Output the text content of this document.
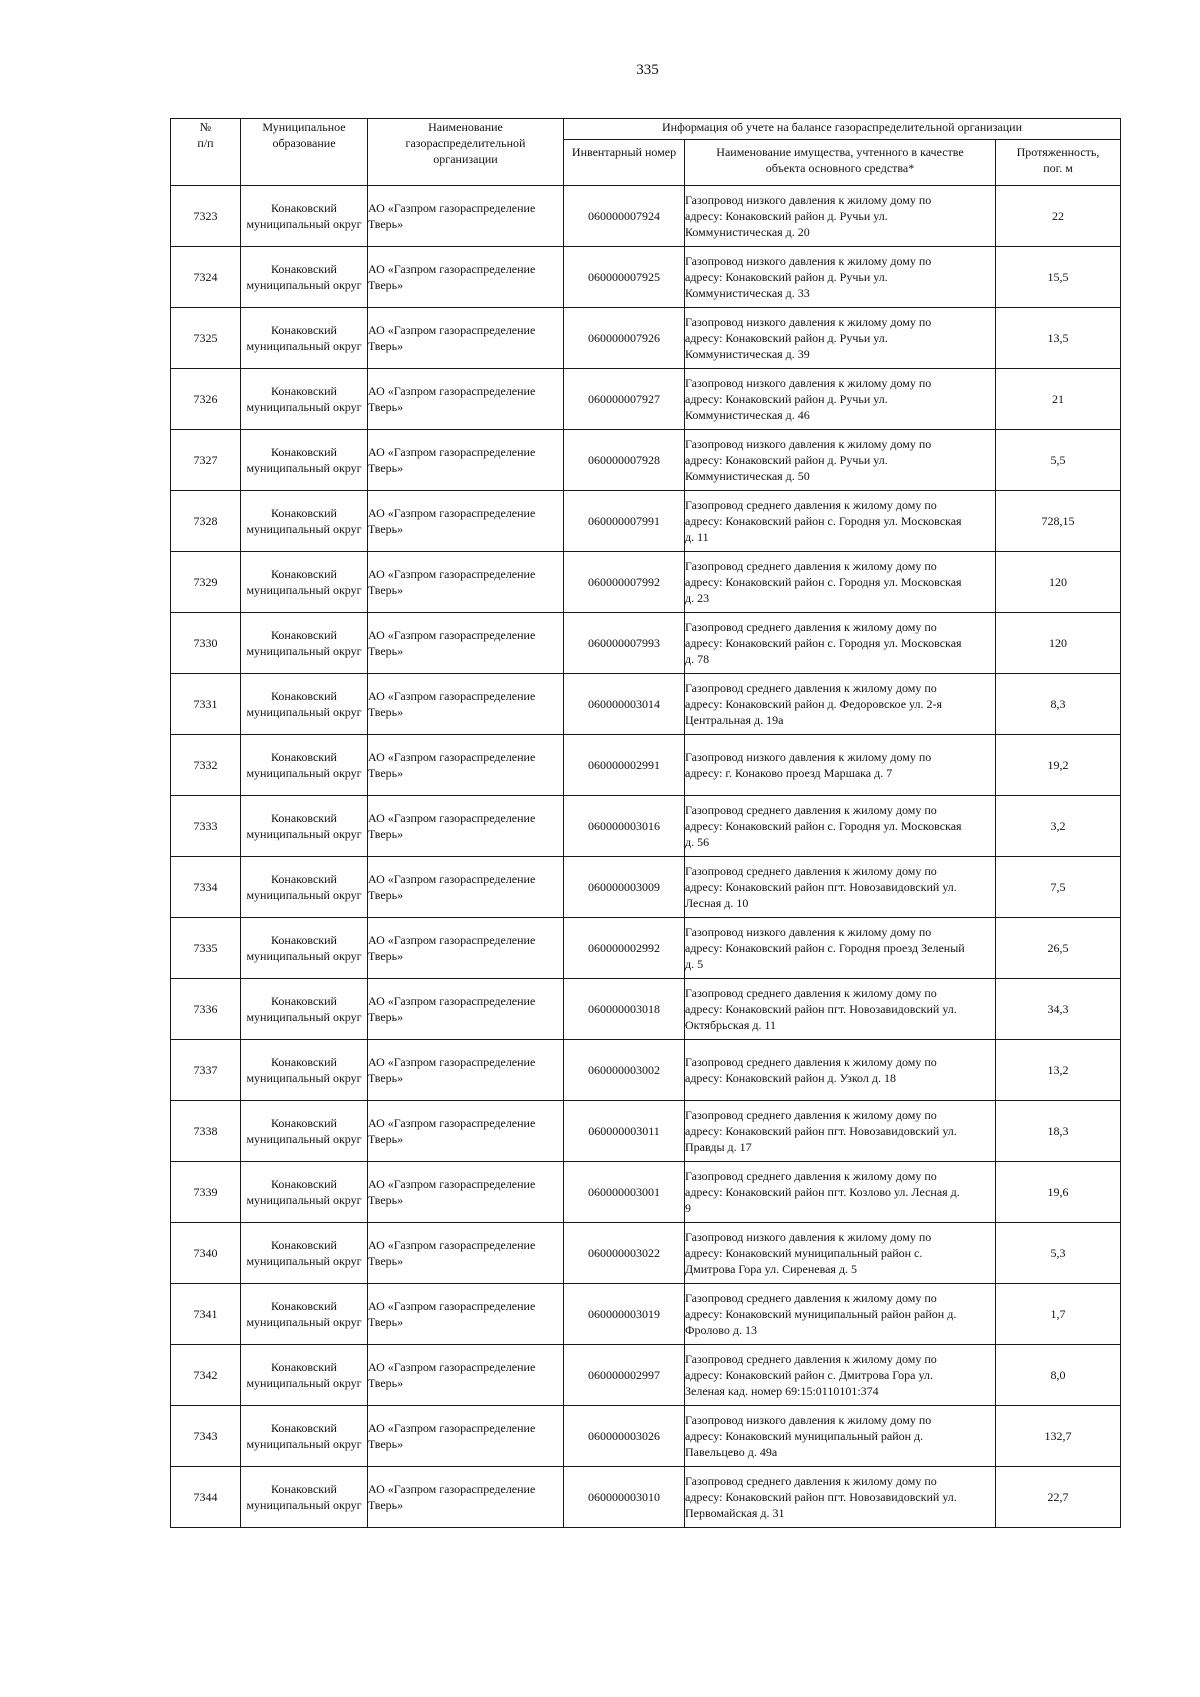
335
№
п/п	Муниципальное
образование	Наименование
газораспределительной
организации	Информация об учете на балансе газораспределительной организации		
			Инвентарный номер	Наименование имущества, учтенного в качестве
объекта основного средства*	Протяженность,
пог. м
7323	Конаковский
муниципальный округ	АО «Газпром газораспределение
Тверь»	060000007924	Газопровод низкого давления к жилому дому по
адресу: Конаковский район д. Ручьи ул.
Коммунистическая д. 20	22
7324	Конаковский
муниципальный округ	АО «Газпром газораспределение
Тверь»	060000007925	Газопровод низкого давления к жилому дому по
адресу: Конаковский район д. Ручьи ул.
Коммунистическая д. 33	15,5
7325	Конаковский
муниципальный округ	АО «Газпром газораспределение
Тверь»	060000007926	Газопровод низкого давления к жилому дому по
адресу: Конаковский район д. Ручьи ул.
Коммунистическая д. 39	13,5
7326	Конаковский
муниципальный округ	АО «Газпром газораспределение
Тверь»	060000007927	Газопровод низкого давления к жилому дому по
адресу: Конаковский район д. Ручьи ул.
Коммунистическая д. 46	21
7327	Конаковский
муниципальный округ	АО «Газпром газораспределение
Тверь»	060000007928	Газопровод низкого давления к жилому дому по
адресу: Конаковский район д. Ручьи ул.
Коммунистическая д. 50	5,5
7328	Конаковский
муниципальный округ	АО «Газпром газораспределение
Тверь»	060000007991	Газопровод среднего давления к жилому дому по
адресу: Конаковский район с. Городня ул. Московская
д. 11	728,15
7329	Конаковский
муниципальный округ	АО «Газпром газораспределение
Тверь»	060000007992	Газопровод среднего давления к жилому дому по
адресу: Конаковский район с. Городня ул. Московская
д. 23	120
7330	Конаковский
муниципальный округ	АО «Газпром газораспределение
Тверь»	060000007993	Газопровод среднего давления к жилому дому по
адресу: Конаковский район с. Городня ул. Московская
д. 78	120
7331	Конаковский
муниципальный округ	АО «Газпром газораспределение
Тверь»	060000003014	Газопровод среднего давления к жилому дому по
адресу: Конаковский район д. Федоровское ул. 2-я
Центральная д. 19а	8,3
7332	Конаковский
муниципальный округ	АО «Газпром газораспределение
Тверь»	060000002991	Газопровод низкого давления к жилому дому по
адресу: г. Конаково проезд Маршака д. 7	19,2
7333	Конаковский
муниципальный округ	АО «Газпром газораспределение
Тверь»	060000003016	Газопровод среднего давления к жилому дому по
адресу: Конаковский район с. Городня ул. Московская
д. 56	3,2
7334	Конаковский
муниципальный округ	АО «Газпром газораспределение
Тверь»	060000003009	Газопровод среднего давления к жилому дому по
адресу: Конаковский район пгт. Новозавидовский ул.
Лесная д. 10	7,5
7335	Конаковский
муниципальный округ	АО «Газпром газораспределение
Тверь»	060000002992	Газопровод низкого давления к жилому дому по
адресу: Конаковский район с. Городня проезд Зеленый
д. 5	26,5
7336	Конаковский
муниципальный округ	АО «Газпром газораспределение
Тверь»	060000003018	Газопровод среднего давления к жилому дому по
адресу: Конаковский район пгт. Новозавидовский ул.
Октябрьская д. 11	34,3
7337	Конаковский
муниципальный округ	АО «Газпром газораспределение
Тверь»	060000003002	Газопровод среднего давления к жилому дому по
адресу: Конаковский район д. Узкол д. 18	13,2
7338	Конаковский
муниципальный округ	АО «Газпром газораспределение
Тверь»	060000003011	Газопровод среднего давления к жилому дому по
адресу: Конаковский район пгт. Новозавидовский ул.
Правды д. 17	18,3
7339	Конаковский
муниципальный округ	АО «Газпром газораспределение
Тверь»	060000003001	Газопровод среднего давления к жилому дому по
адресу: Конаковский район пгт. Козлово ул. Лесная д.
9	19,6
7340	Конаковский
муниципальный округ	АО «Газпром газораспределение
Тверь»	060000003022	Газопровод низкого давления к жилому дому по
адресу: Конаковский муниципальный район с.
Дмитрова Гора ул. Сиреневая д. 5	5,3
7341	Конаковский
муниципальный округ	АО «Газпром газораспределение
Тверь»	060000003019	Газопровод среднего давления к жилому дому по
адресу: Конаковский муниципальный район район д.
Фролово д. 13	1,7
7342	Конаковский
муниципальный округ	АО «Газпром газораспределение
Тверь»	060000002997	Газопровод среднего давления к жилому дому по
адресу: Конаковский район с. Дмитрова Гора ул.
Зеленая кад. номер 69:15:0110101:374	8,0
7343	Конаковский
муниципальный округ	АО «Газпром газораспределение
Тверь»	060000003026	Газопровод низкого давления к жилому дому по
адресу: Конаковский муниципальный район д.
Павельцево д. 49а	132,7
7344	Конаковский
муниципальный округ	АО «Газпром газораспределение
Тверь»	060000003010	Газопровод среднего давления к жилому дому по
адресу: Конаковский район пгт. Новозавидовский ул.
Первомайская д. 31	22,7
